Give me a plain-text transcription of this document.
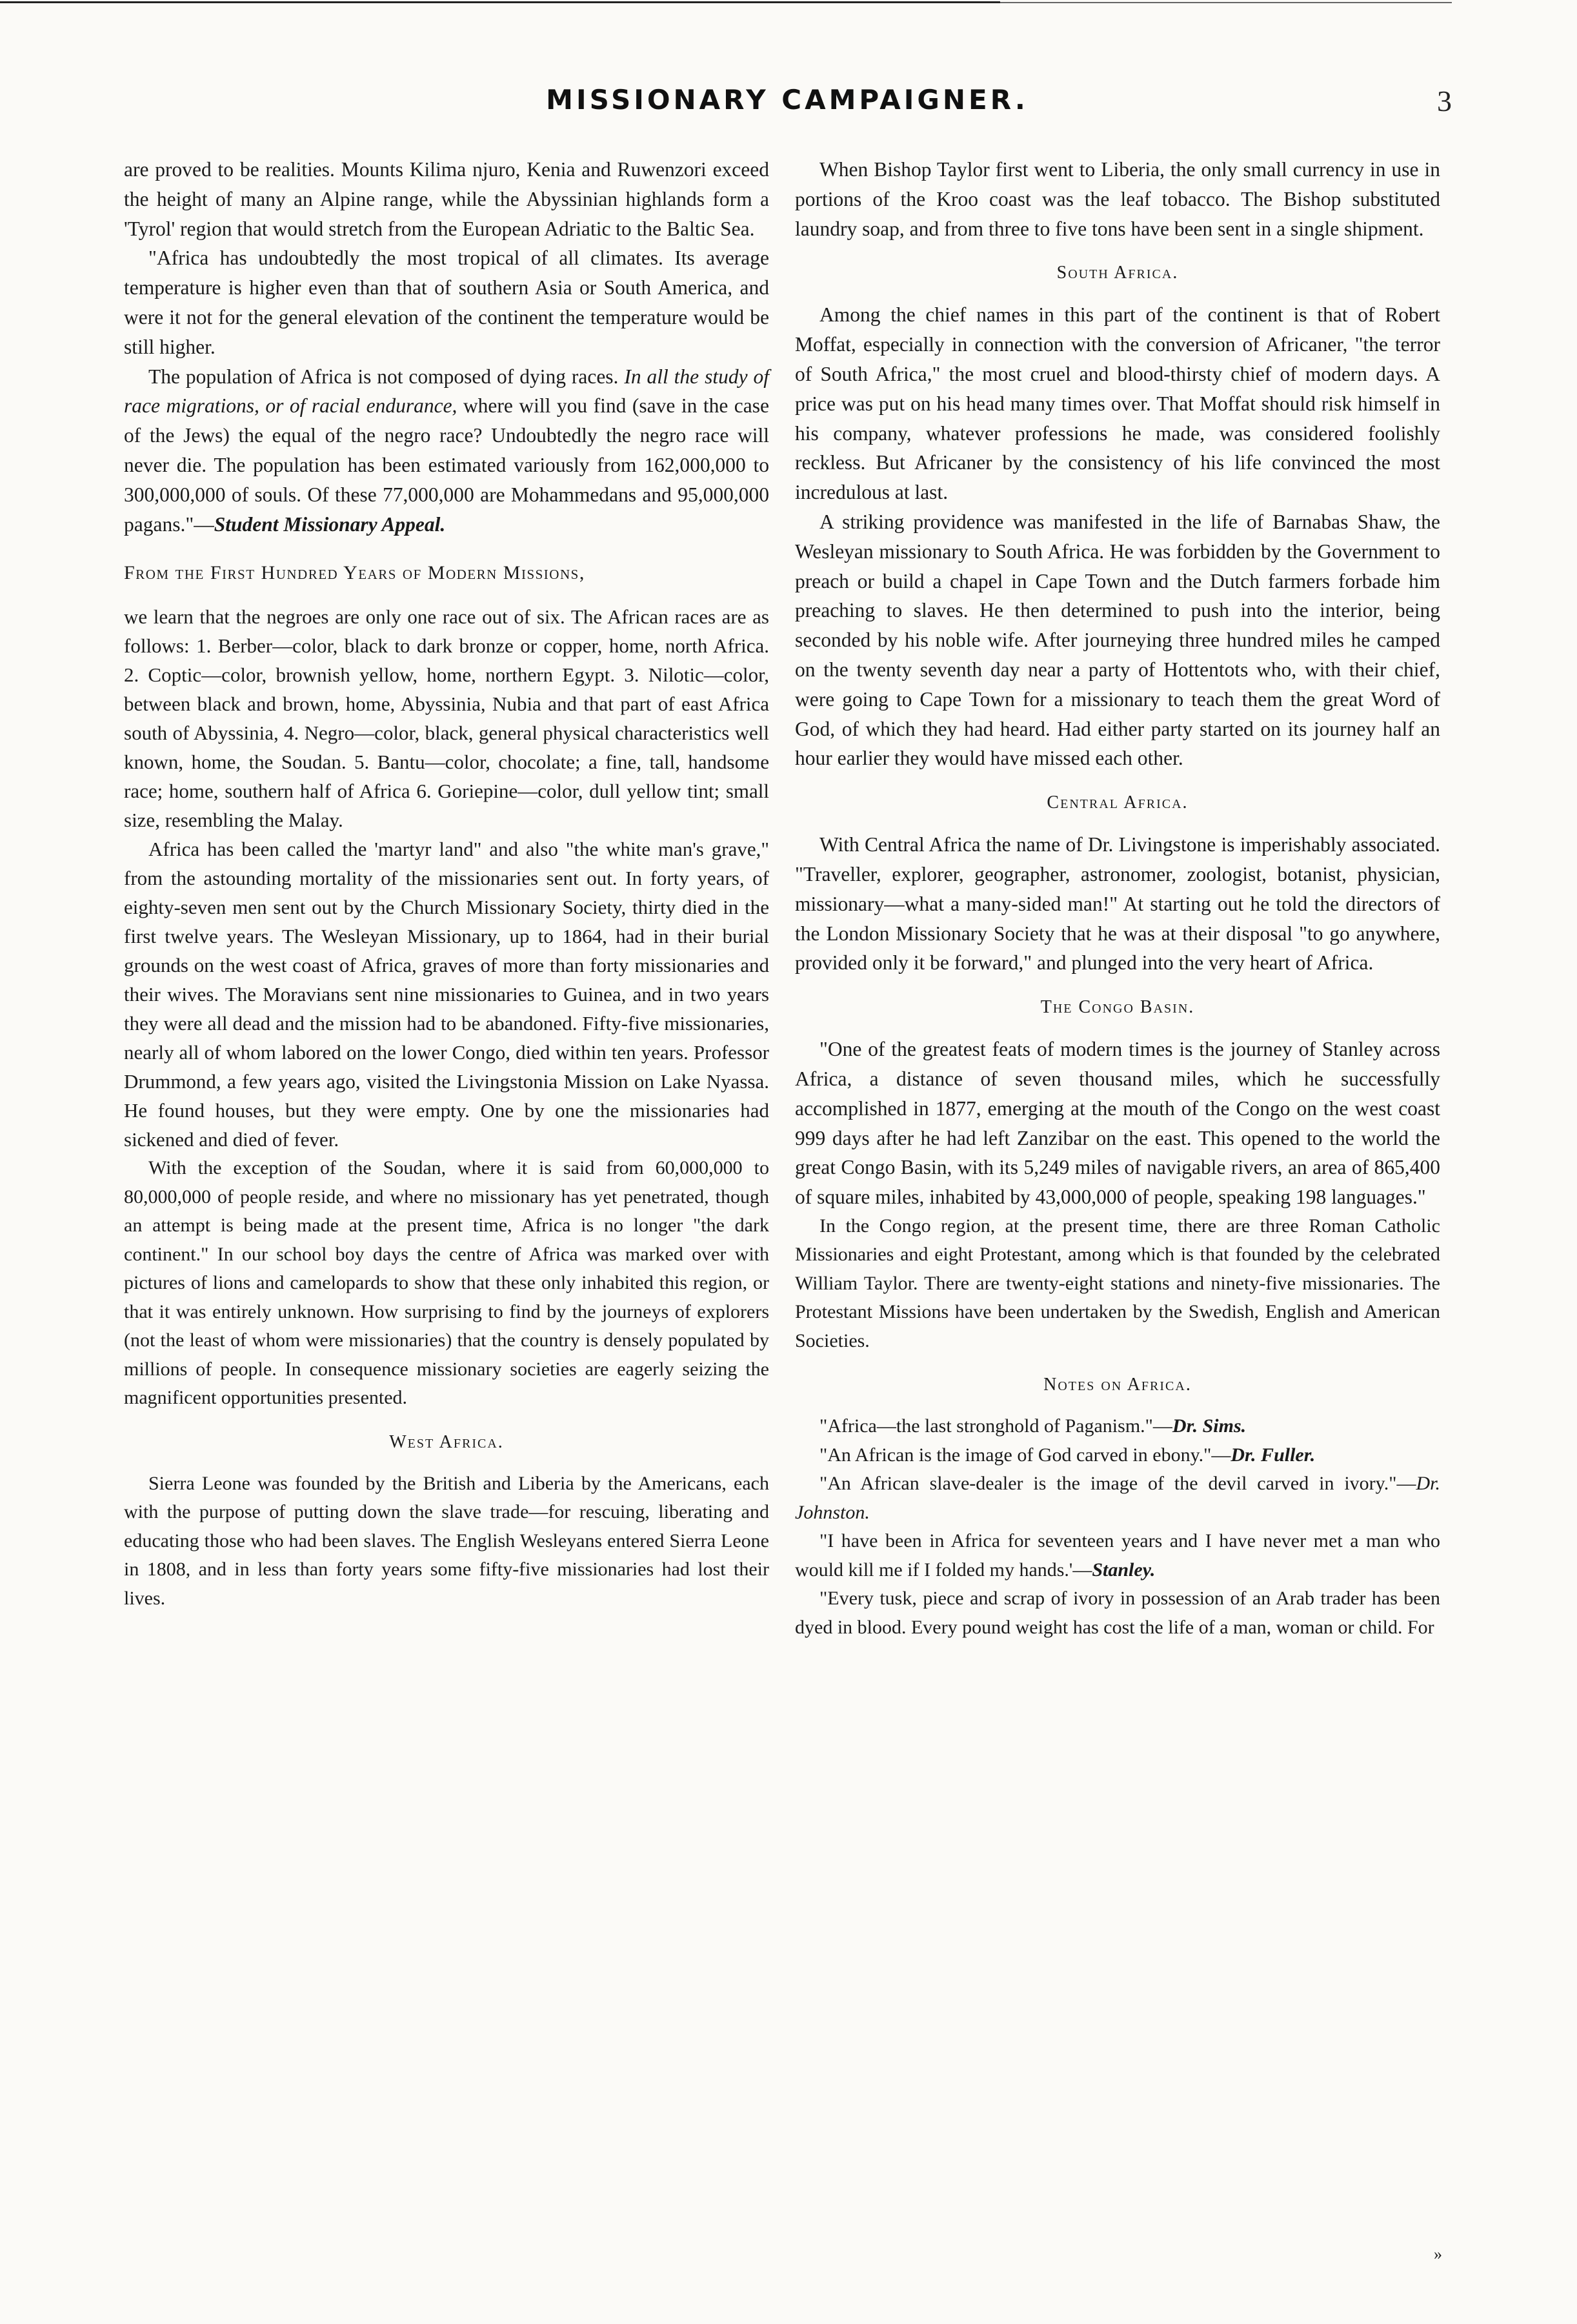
MISSIONARY CAMPAIGNER.	3

are proved to be realities. Mounts Kilima njuro, Kenia and Ruwenzori exceed the height of many an Alpine range, while the Abyssinian highlands form a 'Tyrol' region that would stretch from the European Adriatic to the Baltic Sea.

"Africa has undoubtedly the most tropical of all climates. Its average temperature is higher even than that of southern Asia or South America, and were it not for the general elevation of the continent the temperature would be still higher.

The population of Africa is not composed of dying races. In all the study of race migrations, or of racial endurance, where will you find (save in the case of the Jews) the equal of the negro race? Undoubtedly the negro race will never die. The population has been estimated variously from 162,000,000 to 300,000,000 of souls. Of these 77,000,000 are Mohammedans and 95,000,000 pagans."—Student Missionary Appeal.

From the First Hundred Years of Modern Missions,

we learn that the negroes are only one race out of six. The African races are as follows: 1. Berber—color, black to dark bronze or copper, home, north Africa. 2. Coptic—color, brownish yellow, home, northern Egypt. 3. Nilotic—color, between black and brown, home, Abyssinia, Nubia and that part of east Africa south of Abyssinia, 4. Negro—color, black, general physical characteristics well known, home, the Soudan. 5. Bantu—color, chocolate; a fine, tall, handsome race; home, southern half of Africa 6. Goriepine—color, dull yellow tint; small size, resembling the Malay.

Africa has been called the 'martyr land" and also "the white man's grave," from the astounding mortality of the missionaries sent out. In forty years, of eighty-seven men sent out by the Church Missionary Society, thirty died in the first twelve years. The Wesleyan Missionary, up to 1864, had in their burial grounds on the west coast of Africa, graves of more than forty missionaries and their wives. The Moravians sent nine missionaries to Guinea, and in two years they were all dead and the mission had to be abandoned. Fifty-five missionaries, nearly all of whom labored on the lower Congo, died within ten years. Professor Drummond, a few years ago, visited the Livingstonia Mission on Lake Nyassa. He found houses, but they were empty. One by one the missionaries had sickened and died of fever.

With the exception of the Soudan, where it is said from 60,000,000 to 80,000,000 of people reside, and where no missionary has yet penetrated, though an attempt is being made at the present time, Africa is no longer "the dark continent." In our school boy days the centre of Africa was marked over with pictures of lions and camelopards to show that these only inhabited this region, or that it was entirely unknown. How surprising to find by the journeys of explorers (not the least of whom were missionaries) that the country is densely populated by millions of people. In consequence missionary societies are eagerly seizing the magnificent opportunities presented.

West Africa.

Sierra Leone was founded by the British and Liberia by the Americans, each with the purpose of putting down the slave trade—for rescuing, liberating and educating those who had been slaves. The English Wesleyans entered Sierra Leone in 1808, and in less than forty years some fifty-five missionaries had lost their lives.

When Bishop Taylor first went to Liberia, the only small currency in use in portions of the Kroo coast was the leaf tobacco. The Bishop substituted laundry soap, and from three to five tons have been sent in a single shipment.

South Africa.

Among the chief names in this part of the continent is that of Robert Moffat, especially in connection with the conversion of Africaner, "the terror of South Africa," the most cruel and blood-thirsty chief of modern days. A price was put on his head many times over. That Moffat should risk himself in his company, whatever professions he made, was considered foolishly reckless. But Africaner by the consistency of his life convinced the most incredulous at last.

A striking providence was manifested in the life of Barnabas Shaw, the Wesleyan missionary to South Africa. He was forbidden by the Government to preach or build a chapel in Cape Town and the Dutch farmers forbade him preaching to slaves. He then determined to push into the interior, being seconded by his noble wife. After journeying three hundred miles he camped on the twenty seventh day near a party of Hottentots who, with their chief, were going to Cape Town for a missionary to teach them the great Word of God, of which they had heard. Had either party started on its journey half an hour earlier they would have missed each other.

Central Africa.

With Central Africa the name of Dr. Livingstone is imperishably associated. "Traveller, explorer, geographer, astronomer, zoologist, botanist, physician, missionary—what a many-sided man!" At starting out he told the directors of the London Missionary Society that he was at their disposal "to go anywhere, provided only it be forward," and plunged into the very heart of Africa.

The Congo Basin.

"One of the greatest feats of modern times is the journey of Stanley across Africa, a distance of seven thousand miles, which he successfully accomplished in 1877, emerging at the mouth of the Congo on the west coast 999 days after he had left Zanzibar on the east. This opened to the world the great Congo Basin, with its 5,249 miles of navigable rivers, an area of 865,400 of square miles, inhabited by 43,000,000 of people, speaking 198 languages."

In the Congo region, at the present time, there are three Roman Catholic Missionaries and eight Protestant, among which is that founded by the celebrated William Taylor. There are twenty-eight stations and ninety-five missionaries. The Protestant Missions have been undertaken by the Swedish, English and American Societies.

Notes on Africa.

"Africa—the last stronghold of Paganism."—Dr. Sims.

"An African is the image of God carved in ebony."—Dr. Fuller.

"An African slave-dealer is the image of the devil carved in ivory."—Dr. Johnston.

"I have been in Africa for seventeen years and I have never met a man who would kill me if I folded my hands.'—Stanley.

"Every tusk, piece and scrap of ivory in possession of an Arab trader has been dyed in blood. Every pound weight has cost the life of a man, woman or child. For

»
